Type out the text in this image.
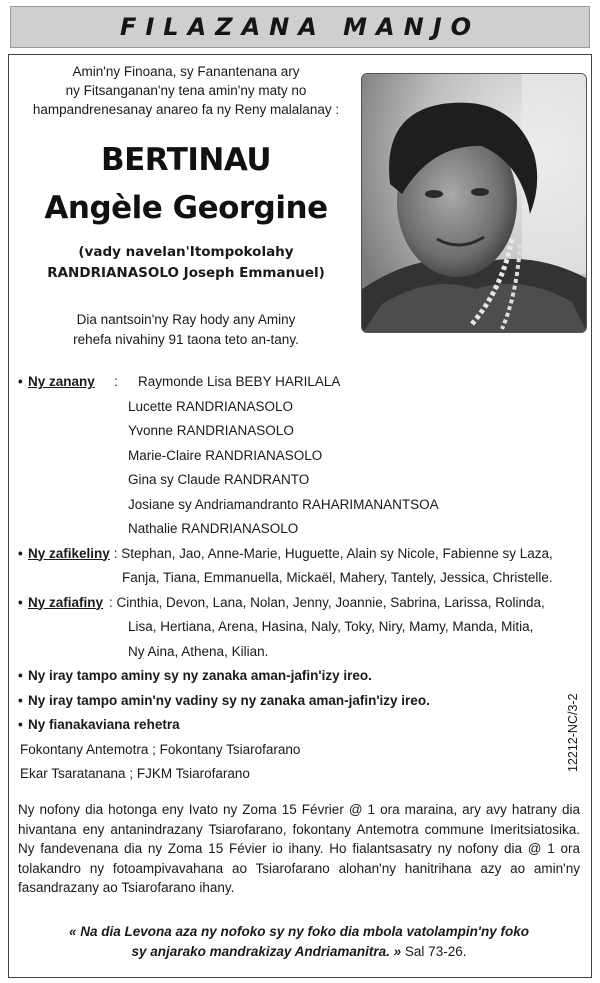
FILAZANA MANJO
Amin'ny Finoana, sy Fanantenana ary
ny Fitsanganan'ny tena amin'ny maty no
hampandrenesanay anareo fa ny Reny malalanay :
BERTINAU
Angèle Georgine
(vady navelan'Itompokolahy
RANDRIANASOLO Joseph Emmanuel)
Dia nantsoin'ny Ray hody any Aminy
rehefa nivahiny 91 taona teto an-tany.
• Ny zanany	:	Raymonde Lisa BEBY HARILALA
Lucette RANDRIANASOLO
Yvonne RANDRIANASOLO
Marie-Claire RANDRIANASOLO
Gina sy Claude RANDRANTO
Josiane sy Andriamandranto RAHARIMANANTSOA
Nathalie RANDRIANASOLO
• Ny zafikeliny : Stephan, Jao, Anne-Marie, Huguette, Alain sy Nicole, Fabienne sy Laza,
Fanja, Tiana, Emmanuella, Mickaël, Mahery, Tantely, Jessica, Christelle.
• Ny zafiafiny : Cinthia, Devon, Lana, Nolan, Jenny, Joannie, Sabrina, Larissa, Rolinda,
Lisa, Hertiana, Arena, Hasina, Naly, Toky, Niry, Mamy, Manda, Mitia,
Ny Aina, Athena, Kilian.
• Ny iray tampo aminy sy ny zanaka aman-jafin'izy ireo.
• Ny iray tampo amin'ny vadiny sy ny zanaka aman-jafin'izy ireo.
• Ny fianakaviana rehetra
Fokontany Antemotra ; Fokontany Tsiarofarano
Ekar Tsaratanana ; FJKM Tsiarofarano
12212-NC/3-2
Ny nofony dia hotonga eny Ivato ny Zoma 15 Février @ 1 ora maraina, ary avy hatrany dia hivantana eny antanindrazany Tsiarofarano, fokontany Antemotra commune Imeritsiatosika. Ny fandevenana dia ny Zoma 15 Févier io ihany. Ho fialantsasatry ny nofony dia @ 1 ora tolakandro ny fotoampivavahana ao Tsiarofarano alohan'ny hanitrihana azy ao amin'ny fasandrazany ao Tsiarofarano ihany.
« Na dia Levona aza ny nofoko sy ny foko dia mbola vatolampin'ny foko
sy anjarako mandrakizay Andriamanitra. » Sal 73-26.
